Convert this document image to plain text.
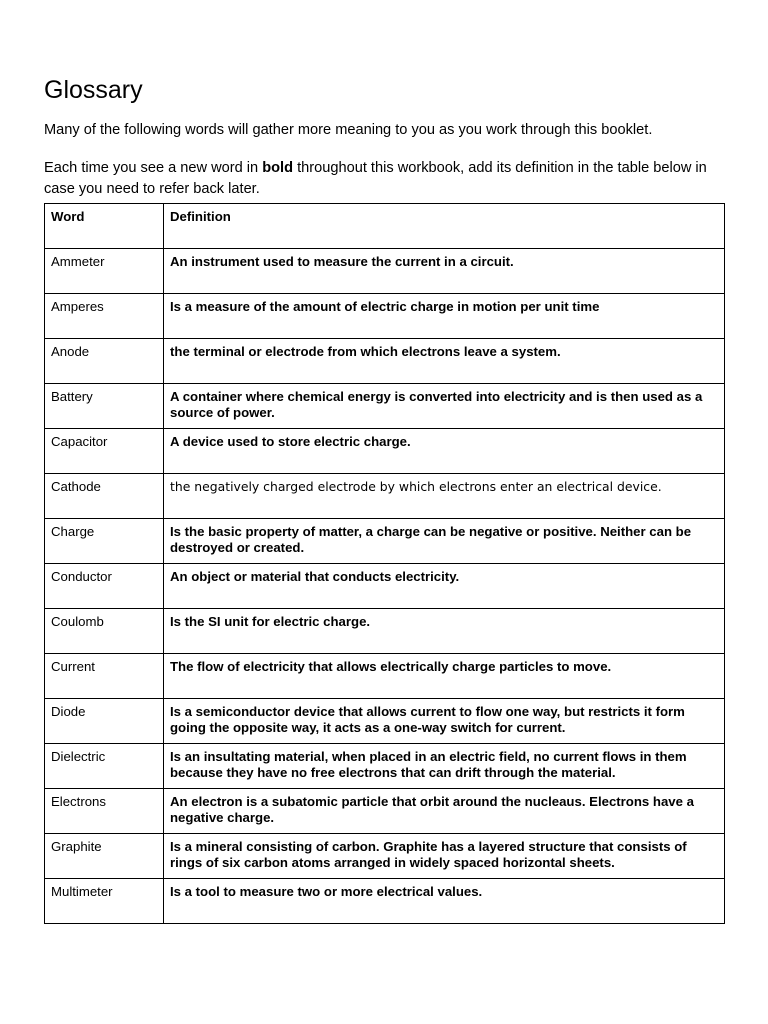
Glossary

Many of the following words will gather more meaning to you as you work through this booklet.

Each time you see a new word in bold throughout this workbook, add its definition in the table below in case you need to refer back later.

Word	Definition
Ammeter	An instrument used to measure the current in a circuit.
Amperes	Is a measure of the amount of electric charge in motion per unit time
Anode	the terminal or electrode from which electrons leave a system.
Battery	A container where chemical energy is converted into electricity and is then used as a source of power.
Capacitor	A device used to store electric charge.
Cathode	the negatively charged electrode by which electrons enter an electrical device.
Charge	Is the basic property of matter, a charge can be negative or positive. Neither can be destroyed or created.
Conductor	An object or material that conducts electricity.
Coulomb	Is the SI unit for electric charge.
Current	The flow of electricity that allows electrically charge particles to move.
Diode	Is a semiconductor device that allows current to flow one way, but restricts it form going the opposite way, it acts as a one-way switch for current.
Dielectric	Is an insultating material, when placed in an electric field, no current flows in them because they have no free electrons that can drift through the material.
Electrons	An electron is a subatomic particle that orbit around the nucleaus. Electrons have a negative charge.
Graphite	Is a mineral consisting of carbon. Graphite has a layered structure that consists of rings of six carbon atoms arranged in widely spaced horizontal sheets.
Multimeter	Is a tool to measure two or more electrical values.
